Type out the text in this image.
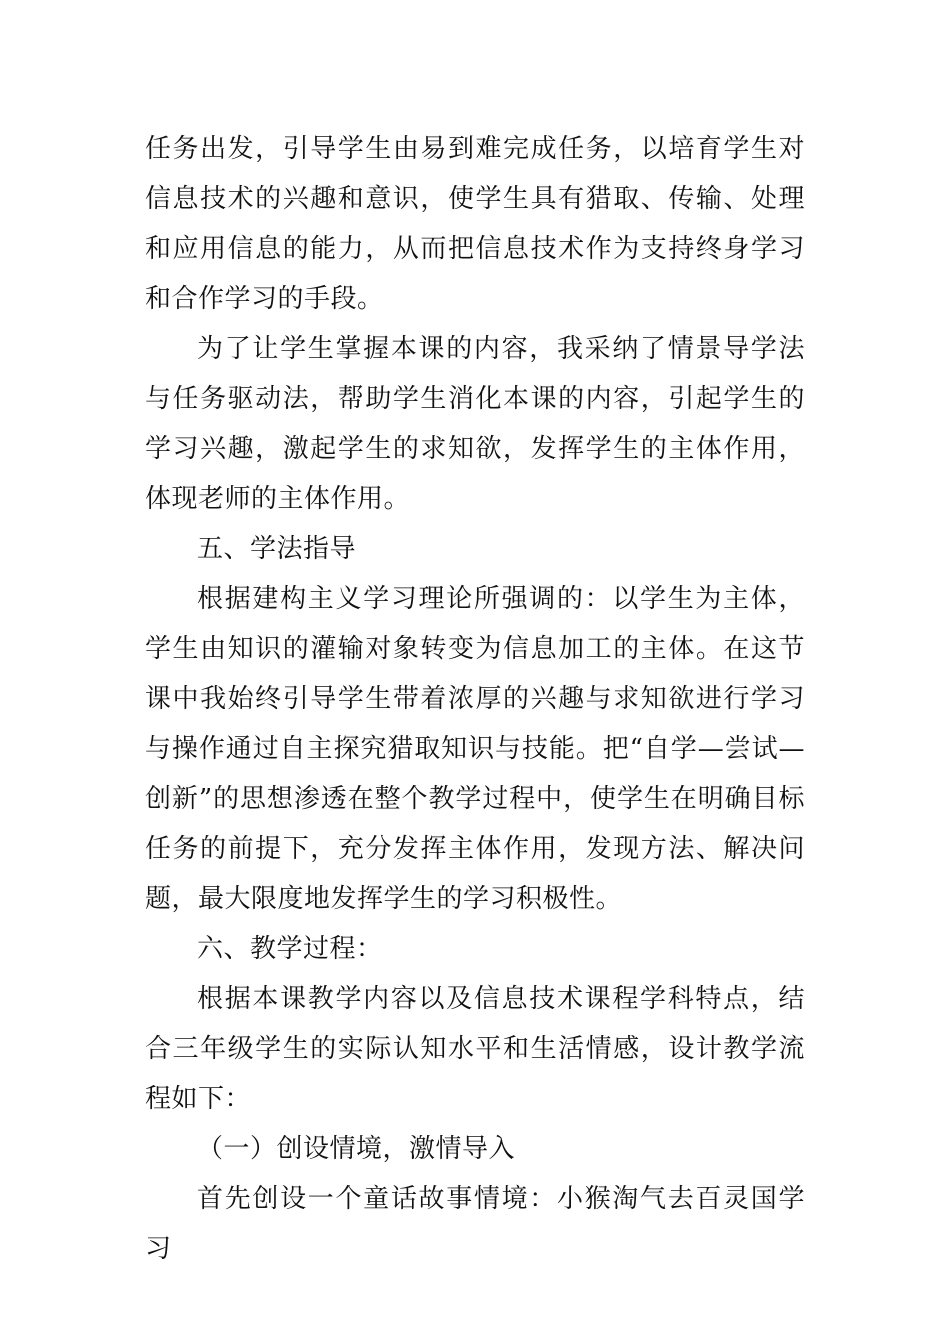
任务出发，引导学生由易到难完成任务，以培育学生对信息技术的兴趣和意识，使学生具有猎取、传输、处理和应用信息的能力，从而把信息技术作为支持终身学习和合作学习的手段。

为了让学生掌握本课的内容，我采纳了情景导学法与任务驱动法，帮助学生消化本课的内容，引起学生的学习兴趣，激起学生的求知欲，发挥学生的主体作用，体现老师的主体作用。

五、学法指导

根据建构主义学习理论所强调的：以学生为主体，学生由知识的灌输对象转变为信息加工的主体。在这节课中我始终引导学生带着浓厚的兴趣与求知欲进行学习与操作通过自主探究猎取知识与技能。把“自学—尝试—创新”的思想渗透在整个教学过程中，使学生在明确目标任务的前提下，充分发挥主体作用，发现方法、解决问题，最大限度地发挥学生的学习积极性。

六、教学过程：

根据本课教学内容以及信息技术课程学科特点，结合三年级学生的实际认知水平和生活情感，设计教学流程如下：

（一）创设情境，激情导入

首先创设一个童话故事情境：小猴淘气去百灵国学习
